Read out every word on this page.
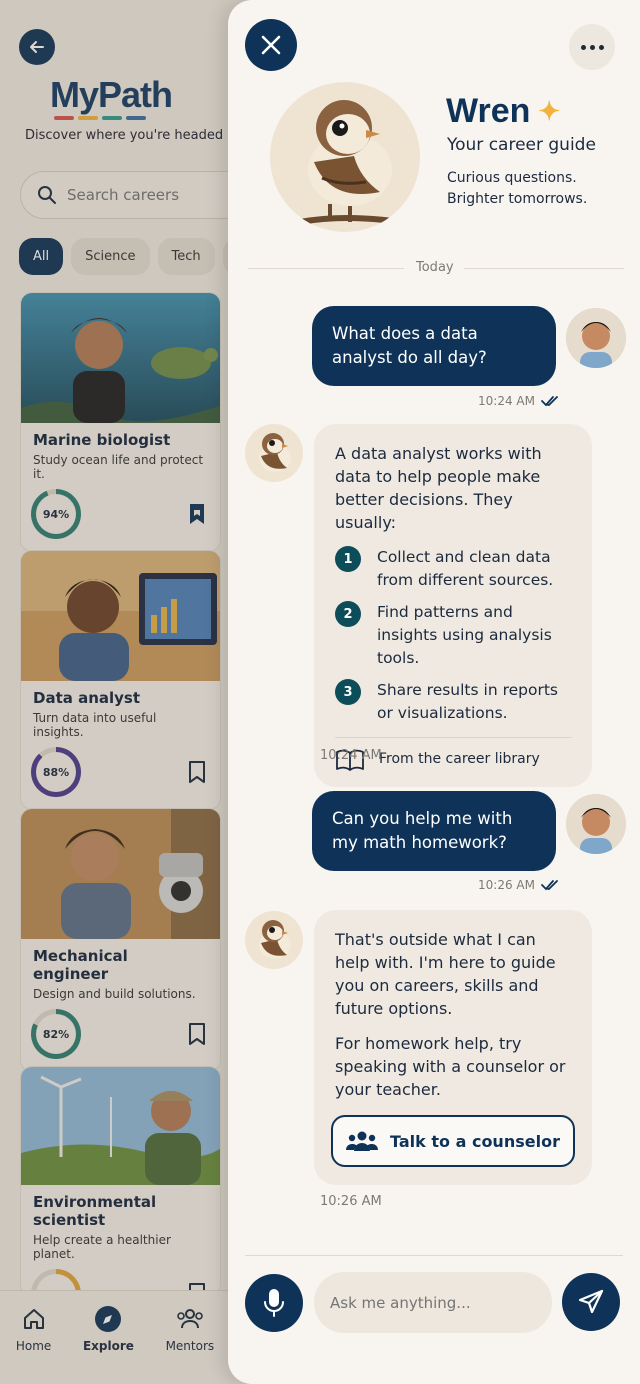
MyPath
Discover where you're headed
Search careers
All	Science	Tech
Marine biologist
Study ocean life and protect it.
94%
Data analyst
Turn data into useful insights.
88%
Mechanical engineer
Design and build solutions.
82%
Environmental scientist
Help create a healthier planet.
Home	Explore	Mentors
Wren ✦
Your career guide
Curious questions. Brighter tomorrows.
Today
What does a data analyst do all day?
10:24 AM
A data analyst works with data to help people make better decisions. They usually:
1	Collect and clean data from different sources.
2	Find patterns and insights using analysis tools.
3	Share results in reports or visualizations.
From the career library
10:24 AM
Can you help me with my math homework?
10:26 AM
That's outside what I can help with. I'm here to guide you on careers, skills and future options.
For homework help, try speaking with a counselor or your teacher.
Talk to a counselor
10:26 AM
Ask me anything...
